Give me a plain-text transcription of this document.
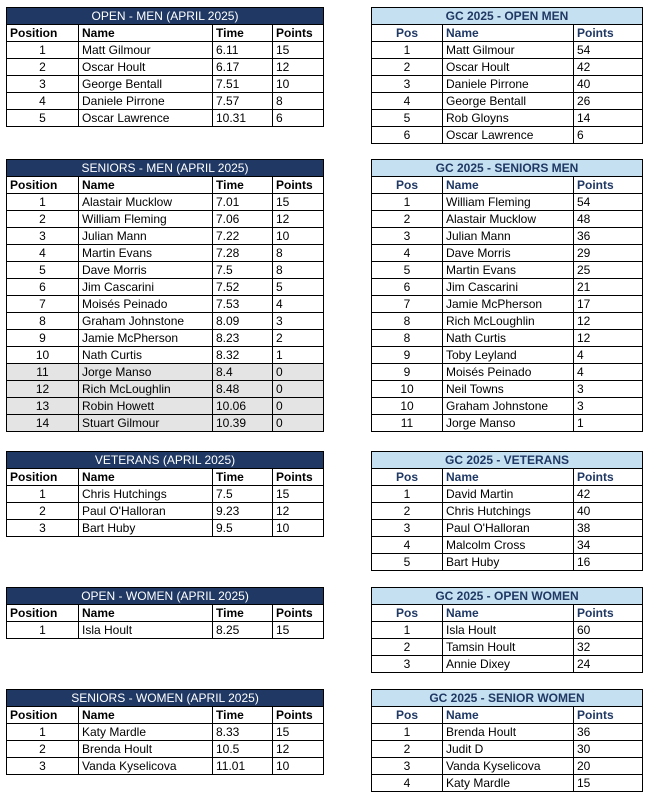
OPEN - MEN (APRIL 2025)			
Position	Name	Time	Points
1	Matt Gilmour	6.11	15
2	Oscar Hoult	6.17	12
3	George Bentall	7.51	10
4	Daniele Pirrone	7.57	8
5	Oscar Lawrence	10.31	6
SENIORS - MEN (APRIL 2025)			
Position	Name	Time	Points
1	Alastair Mucklow	7.01	15
2	William Fleming	7.06	12
3	Julian Mann	7.22	10
4	Martin Evans	7.28	8
5	Dave Morris	7.5	8
6	Jim Cascarini	7.52	5
7	Moisés Peinado	7.53	4
8	Graham Johnstone	8.09	3
9	Jamie McPherson	8.23	2
10	Nath Curtis	8.32	1
11	Jorge Manso	8.4	0
12	Rich McLoughlin	8.48	0
13	Robin Howett	10.06	0
14	Stuart Gilmour	10.39	0
VETERANS (APRIL 2025)			
Position	Name	Time	Points
1	Chris Hutchings	7.5	15
2	Paul O'Halloran	9.23	12
3	Bart Huby	9.5	10
OPEN - WOMEN (APRIL 2025)			
Position	Name	Time	Points
1	Isla Hoult	8.25	15
SENIORS - WOMEN (APRIL 2025)			
Position	Name	Time	Points
1	Katy Mardle	8.33	15
2	Brenda Hoult	10.5	12
3	Vanda Kyselicova	11.01	10
GC 2025 - OPEN MEN		
Pos	Name	Points
1	Matt Gilmour	54
2	Oscar Hoult	42
3	Daniele Pirrone	40
4	George Bentall	26
5	Rob Gloyns	14
6	Oscar Lawrence	6
GC 2025 - SENIORS MEN		
Pos	Name	Points
1	William Fleming	54
2	Alastair Mucklow	48
3	Julian Mann	36
4	Dave Morris	29
5	Martin Evans	25
6	Jim Cascarini	21
7	Jamie McPherson	17
8	Rich McLoughlin	12
8	Nath Curtis	12
9	Toby Leyland	4
9	Moisés Peinado	4
10	Neil Towns	3
10	Graham Johnstone	3
11	Jorge Manso	1
GC 2025 - VETERANS		
Pos	Name	Points
1	David Martin	42
2	Chris Hutchings	40
3	Paul O'Halloran	38
4	Malcolm Cross	34
5	Bart Huby	16
GC 2025 - OPEN WOMEN		
Pos	Name	Points
1	Isla Hoult	60
2	Tamsin Hoult	32
3	Annie Dixey	24
GC 2025 - SENIOR WOMEN		
Pos	Name	Points
1	Brenda Hoult	36
2	Judit D	30
3	Vanda Kyselicova	20
4	Katy Mardle	15
